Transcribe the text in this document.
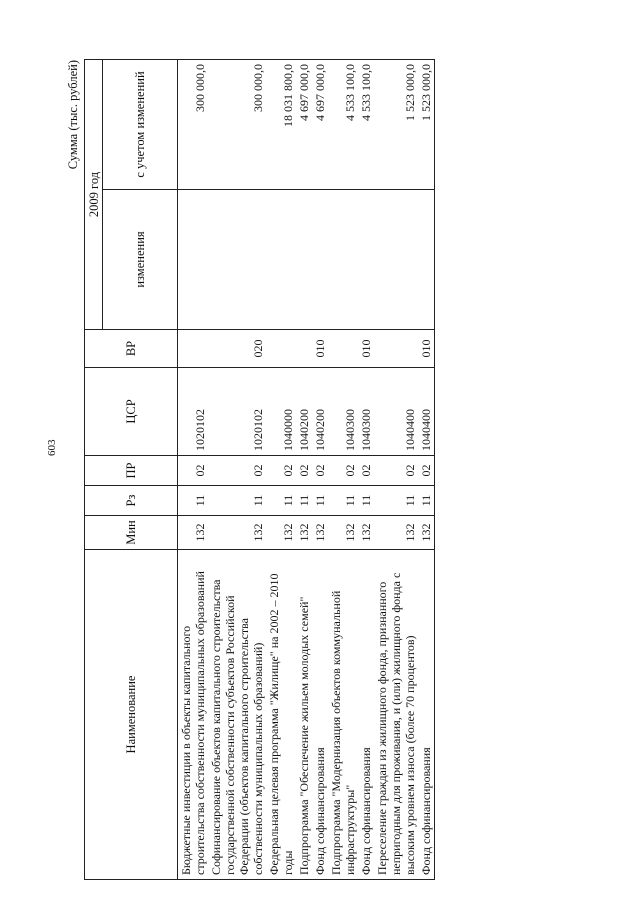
603
Сумма (тыс. рублей)
Наименование	Мин	Рз	ПР	ЦСР	ВР	2009 год	
						изменения	с учетом изменений
Бюджетные инвестиции в объекты капитального строительства собственности муниципальных образований	132	11	02	1020102			300 000,0
Софинансирование объектов капитального строительства государственной собственности субъектов Российской Федерации (объектов капитального строительства собственности муниципальных образований)	132	11	02	1020102	020		300 000,0
Федеральная целевая программа "Жилище" на 2002 – 2010 годы	132	11	02	1040000			18 031 800,0
Подпрограмма "Обеспечение жильем молодых семей"	132	11	02	1040200			4 697 000,0
Фонд софинансирования	132	11	02	1040200	010		4 697 000,0
Подпрограмма "Модернизация объектов коммунальной инфраструктуры"	132	11	02	1040300			4 533 100,0
Фонд софинансирования	132	11	02	1040300	010		4 533 100,0
Переселение граждан из жилищного фонда, признанного непригодным для проживания, и (или) жилищного фонда с высоким уровнем износа (более 70 процентов)	132	11	02	1040400			1 523 000,0
Фонд софинансирования	132	11	02	1040400	010		1 523 000,0
